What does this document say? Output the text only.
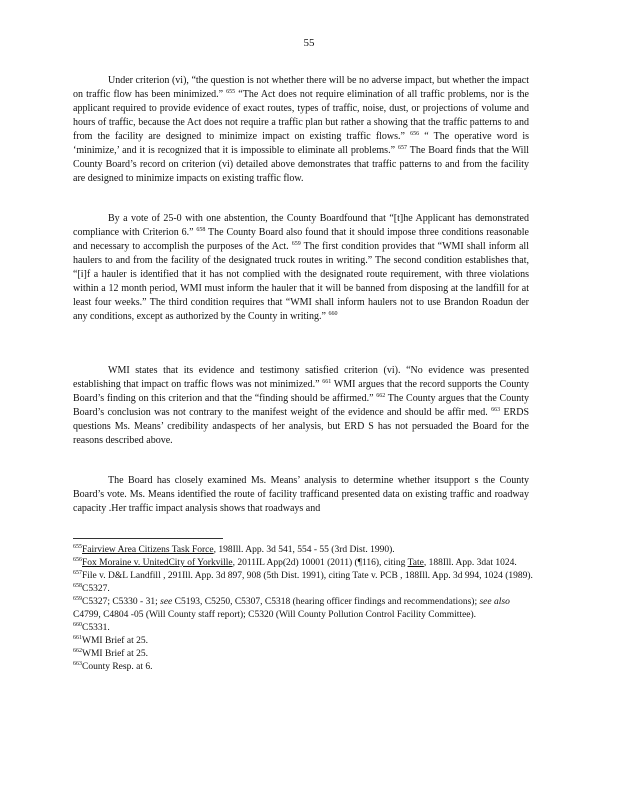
55

Under criterion (vi), “the question is not whether there will be no adverse impact, but whether the impact on traffic flow has been minimized.” $^{655}$ “The Act does not require elimination of all traffic problems, nor is the applicant required to provide evidence of exact routes, types of traffic, noise, dust, or projections of volume and hours of traffic, because the Act does not require a traffic plan but rather a showing that the traffic patterns to and from the facility are designed to minimize impact on existing traffic flows.” $^{656}$ “ The operative word is ‘minimize,’ and it is recognized that it is impossible to eliminate all problems.” $^{657}$ The Board finds that the Will County Board’s record on criterion (vi) detailed above demonstrates that traffic patterns to and from the facility are designed to minimize impacts on existing traffic flow.

By a vote of 25-0 with one abstention, the County Boardfound that “[t]he Applicant has demonstrated compliance with Criterion 6.” $^{658}$ The County Board also found that it should impose three conditions reasonable and necessary to accomplish the purposes of the Act. $^{659}$ The first condition provides that “WMI shall inform all haulers to and from the facility of the designated truck routes in writing.” The second condition establishes that, “[i]f a hauler is identified that it has not complied with the designated route requirement, with three violations within a 12 month period, WMI must inform the hauler that it will be banned from disposing at the landfill for at least four weeks.” The third condition requires that “WMI shall inform haulers not to use Brandon Roadun der any conditions, except as authorized by the County in writing.” $^{660}$

WMI states that its evidence and testimony satisfied criterion (vi). “No evidence was presented establishing that impact on traffic flows was not minimized.” $^{661}$ WMI argues that the record supports the County Board’s finding on this criterion and that the “finding should be affirmed.” $^{662}$ The County argues that the County Board’s conclusion was not contrary to the manifest weight of the evidence and should be affir med. $^{663}$ ERDS questions Ms. Means’ credibility andaspects of her analysis, but ERD S has not persuaded the Board for the reasons described above.

The Board has closely examined Ms. Means’ analysis to determine whether itsupport s the County Board’s vote. Ms. Means identified the route of facility trafficand presented data on existing traffic and roadway capacity .Her traffic impact analysis shows that roadways and

$^{655}$Fairview Area Citizens Task Force, 198Ill. App. 3d 541, 554 - 55 (3rd Dist. 1990).
$^{656}$Fox Moraine v. UnitedCity of Yorkville, 2011IL App(2d) 10001 (2011) (¶116), citing Tate, 188Ill. App. 3dat 1024.
$^{657}$File v. D&L Landfill , 291Ill. App. 3d 897, 908 (5th Dist. 1991), citing Tate v. PCB , 188Ill. App. 3d 994, 1024 (1989).
$^{658}$C5327.
$^{659}$C5327; C5330 - 31; see C5193, C5250, C5307, C5318 (hearing officer findings and recommendations); see also C4799, C4804 -05 (Will County staff report); C5320 (Will County Pollution Control Facility Committee).
$^{660}$C5331.
$^{661}$WMI Brief at 25.
$^{662}$WMI Brief at 25.
$^{663}$County Resp. at 6.
